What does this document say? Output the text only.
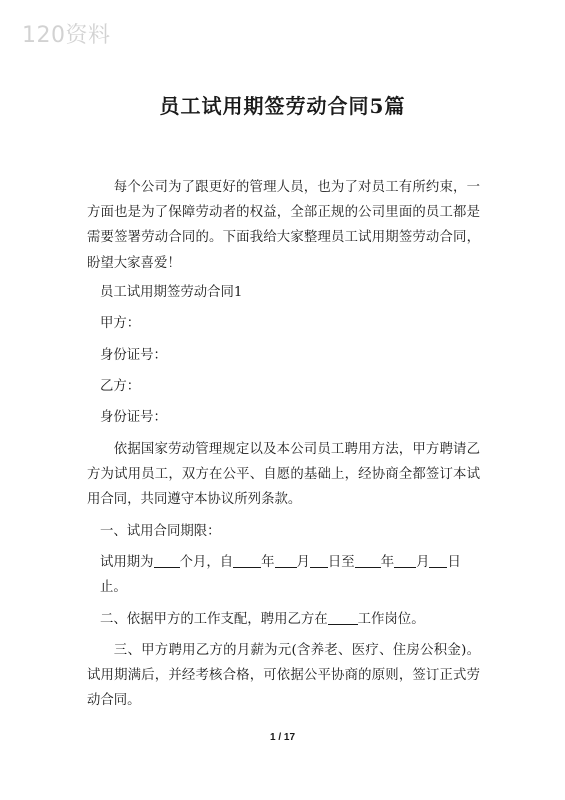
120资料
员工试用期签劳动合同5篇

每个公司为了跟更好的管理人员，也为了对员工有所约束，一方面也是为了保障劳动者的权益，全部正规的公司里面的员工都是需要签署劳动合同的。下面我给大家整理员工试用期签劳动合同，盼望大家喜爱！

员工试用期签劳动合同1

甲方：

身份证号：

乙方：

身份证号：

依据国家劳动管理规定以及本公司员工聘用方法，甲方聘请乙方为试用员工，双方在公平、自愿的基础上，经协商全都签订本试用合同，共同遵守本协议所列条款。

一、试用合同期限：

试用期为 个月，自 年 月 日至 年 月 日止。

二、依据甲方的工作支配，聘用乙方在 工作岗位。

三、甲方聘用乙方的月薪为元(含养老、医疗、住房公积金)。试用期满后，并经考核合格，可依据公平协商的原则，签订正式劳动合同。

1 / 17
